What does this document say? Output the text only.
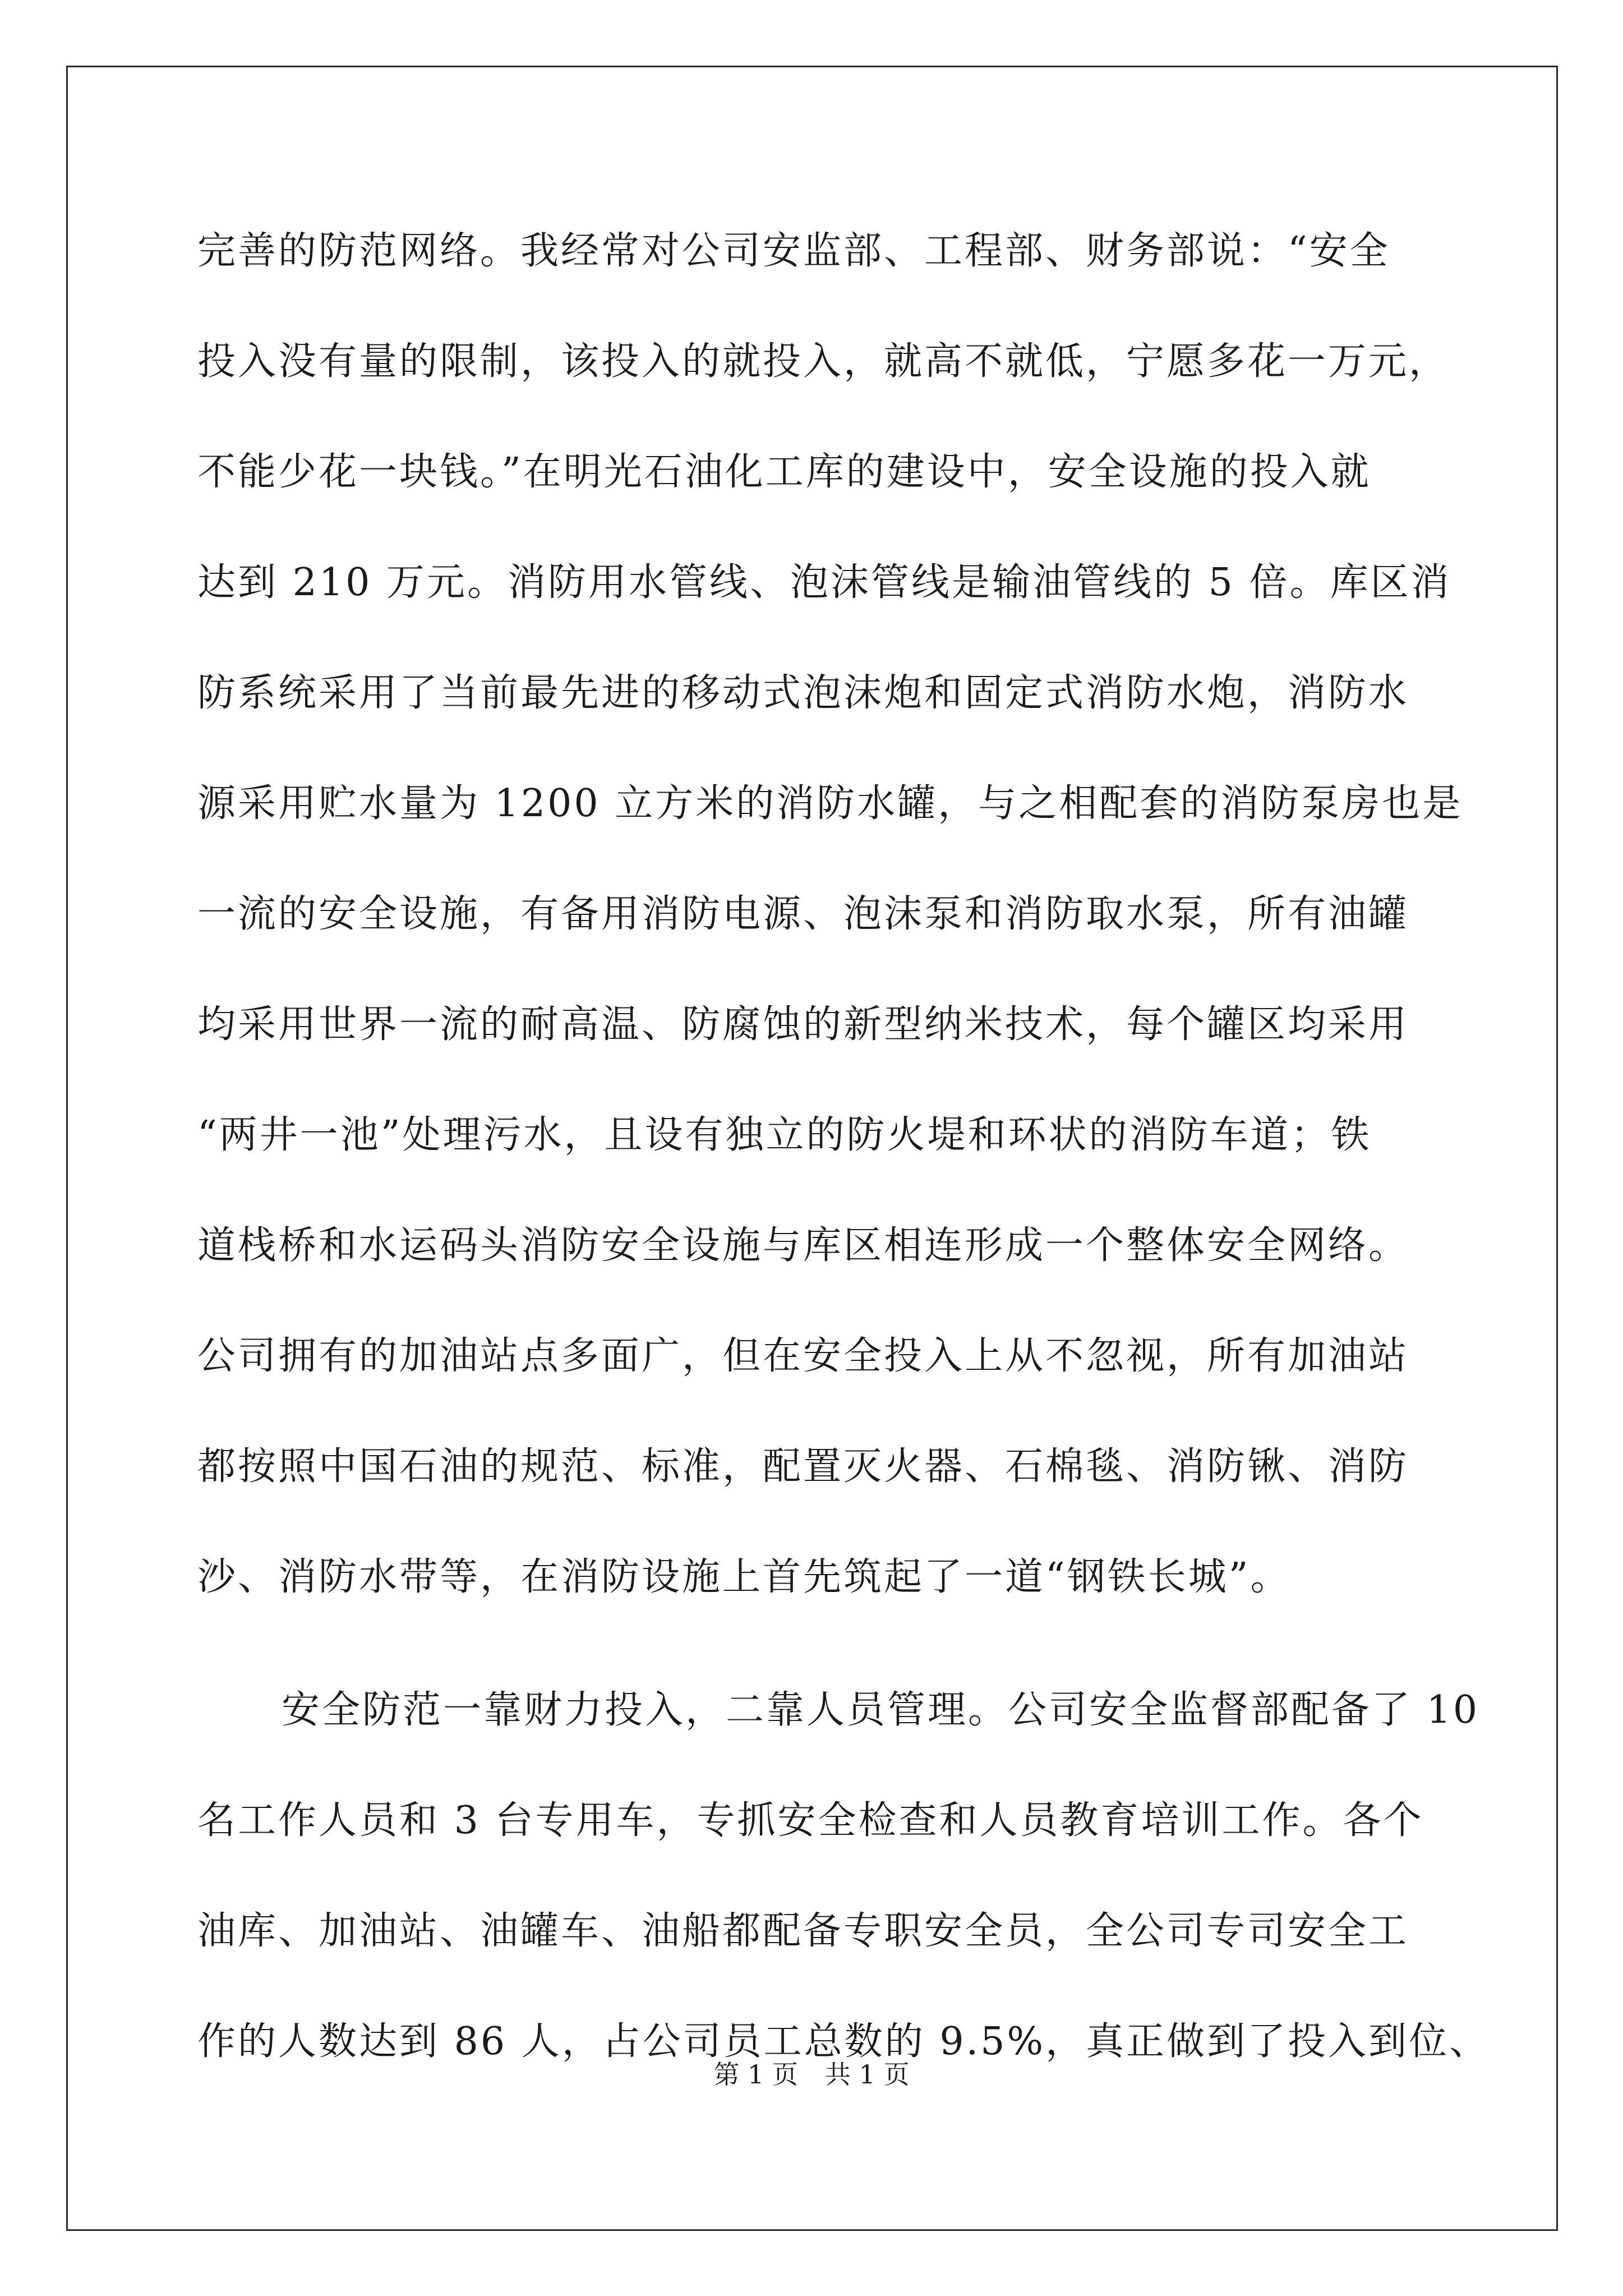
完善的防范网络。我经常对公司安监部、工程部、财务部说：“安全
投入没有量的限制，该投入的就投入，就高不就低，宁愿多花一万元，
不能少花一块钱。”在明光石油化工库的建设中，安全设施的投入就
达到 210 万元。消防用水管线、泡沫管线是输油管线的 5 倍。库区消
防系统采用了当前最先进的移动式泡沫炮和固定式消防水炮，消防水
源采用贮水量为 1200 立方米的消防水罐，与之相配套的消防泵房也是
一流的安全设施，有备用消防电源、泡沫泵和消防取水泵，所有油罐
均采用世界一流的耐高温、防腐蚀的新型纳米技术，每个罐区均采用
“两井一池”处理污水，且设有独立的防火堤和环状的消防车道；铁
道栈桥和水运码头消防安全设施与库区相连形成一个整体安全网络。
公司拥有的加油站点多面广，但在安全投入上从不忽视，所有加油站
都按照中国石油的规范、标准，配置灭火器、石棉毯、消防锹、消防
沙、消防水带等，在消防设施上首先筑起了一道“钢铁长城”。
安全防范一靠财力投入，二靠人员管理。公司安全监督部配备了 10
名工作人员和 3 台专用车，专抓安全检查和人员教育培训工作。各个
油库、加油站、油罐车、油船都配备专职安全员，全公司专司安全工
作的人数达到 86 人，占公司员工总数的 9.5%，真正做到了投入到位、
第 1 页 共 1 页
